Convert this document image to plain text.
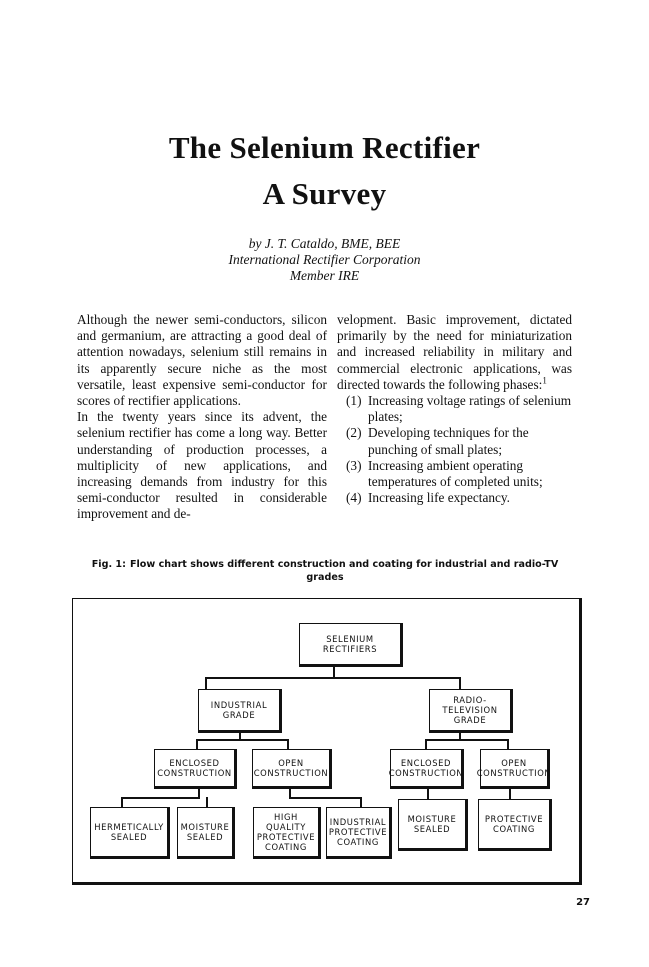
The Selenium Rectifier
A Survey
by J. T. Cataldo, BME, BEE
International Rectifier Corporation
Member IRE

Although the newer semi-conductors, silicon and germanium, are attracting a good deal of attention nowadays, selenium still remains in its apparently secure niche as the most versatile, least expensive semi-conductor for scores of rectifier applications.

In the twenty years since its advent, the selenium rectifier has come a long way. Better understanding of production processes, a multiplicity of new applications, and increasing demands from industry for this semi-conductor resulted in considerable improvement and de-

velopment. Basic improvement, dictated primarily by the need for miniaturization and increased reliability in military and commercial electronic applications, was directed towards the following phases:$^1$

(1) Increasing voltage ratings of selenium plates;
(2) Developing techniques for the punching of small plates;
(3) Increasing ambient operating temperatures of completed units;
(4) Increasing life expectancy.
Fig. 1: Flow chart shows different construction and coating for industrial and radio-TV grades
SELENIUM
RECTIFIERS
INDUSTRIAL
GRADE
RADIO-
TELEVISION
GRADE
ENCLOSED
CONSTRUCTION
OPEN
CONSTRUCTION
ENCLOSED
CONSTRUCTION
OPEN
CONSTRUCTION
HERMETICALLY
SEALED
MOISTURE
SEALED
HIGH
QUALITY
PROTECTIVE
COATING
INDUSTRIAL
PROTECTIVE
COATING
MOISTURE
SEALED
PROTECTIVE
COATING
27
